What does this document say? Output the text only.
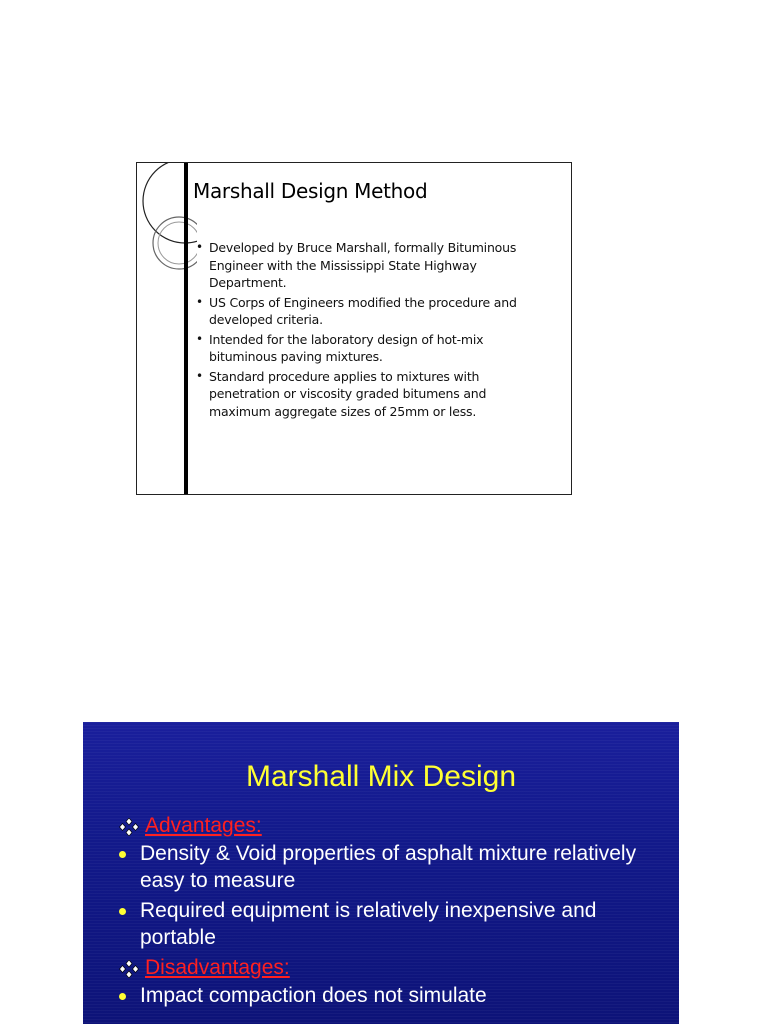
Marshall Design Method
• Developed by Bruce Marshall, formally Bituminous Engineer with the Mississippi State Highway Department.
• US Corps of Engineers modified the procedure and developed criteria.
• Intended for the laboratory design of hot-mix bituminous paving mixtures.
• Standard procedure applies to mixtures with penetration or viscosity graded bitumens and maximum aggregate sizes of 25mm or less.
Marshall Mix Design
Advantages:
Density & Void properties of asphalt mixture relatively easy to measure
Required equipment is relatively inexpensive and portable
Disadvantages:
Impact compaction does not simulate
